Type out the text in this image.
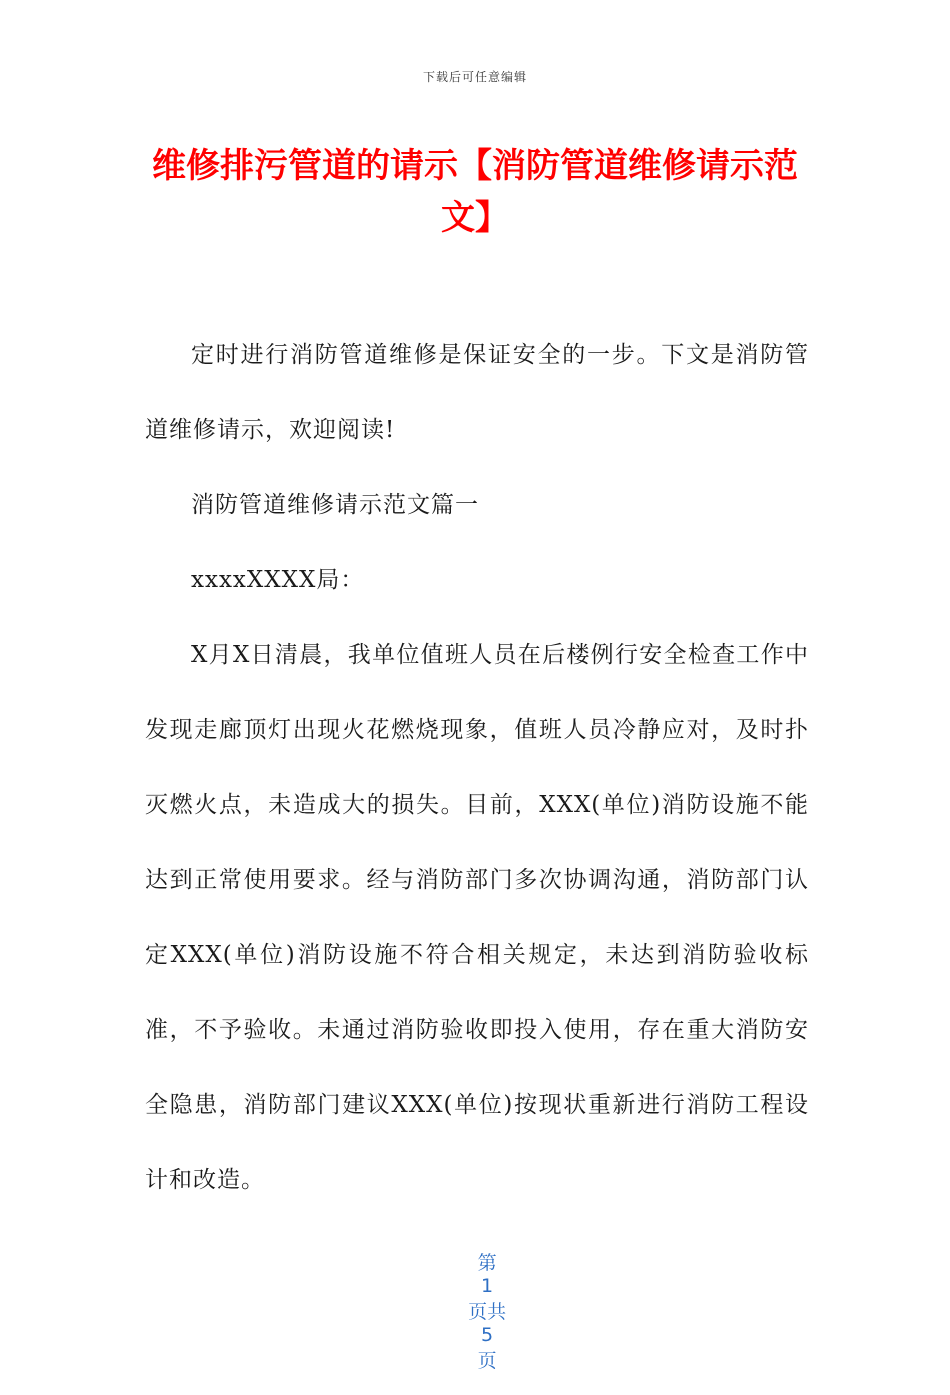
下载后可任意编辑
维修排污管道的请示【消防管道维修请示范文】

定时进行消防管道维修是保证安全的一步。下文是消防管道维修请示，欢迎阅读!

消防管道维修请示范文篇一

xxxxXXXX局：

X月X日清晨，我单位值班人员在后楼例行安全检查工作中发现走廊顶灯出现火花燃烧现象，值班人员冷静应对，及时扑灭燃火点，未造成大的损失。目前，XXX(单位)消防设施不能达到正常使用要求。经与消防部门多次协调沟通，消防部门认定XXX(单位)消防设施不符合相关规定，未达到消防验收标准，不予验收。未通过消防验收即投入使用，存在重大消防安全隐患，消防部门建议XXX(单位)按现状重新进行消防工程设计和改造。

第
1
页共
5
页
